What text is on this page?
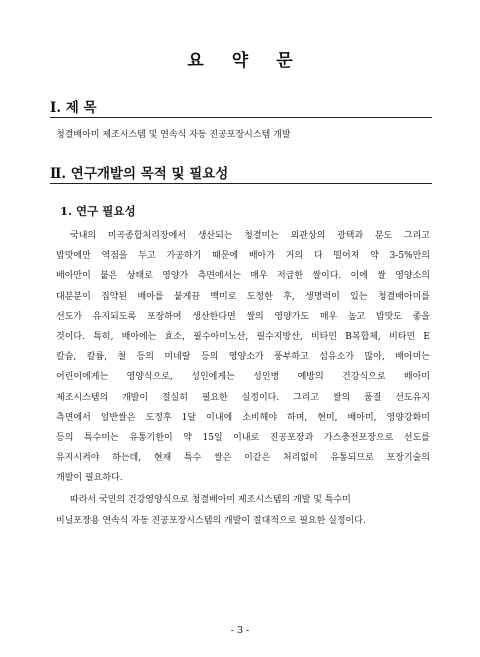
요 약 문
Ⅰ. 제 목
청결배아미 제조시스템 및 연속식 자동 진공포장시스템 개발
Ⅱ. 연구개발의 목적 및 필요성
1. 연구 필요성
국내의 미곡종합처리장에서 생산되는 청결미는 외관상의 광택과 분도 그리고
밥맛에만 역점을 두고 가공하기 때문에 배아가 거의 다 떨어져 약 3-5%만의
배아만이 붙은 상태로 영양가 측면에서는 매우 저급한 쌀이다. 이에 쌀 영양소의
대분분이 집약된 배아를 붙게끔 백미로 도정한 후, 생명력이 있는 청결배아미를
선도가 유지되도록 포장하여 생산한다면 쌀의 영양가도 매우 높고 밥맛도 좋을
것이다. 특히, 배아에는 효소, 필수아미노산, 필수지방산, 비타민 B복합체, 비타민 E
칼슘, 칼륨, 철 등의 미네랄 등의 영양소가 풍부하고 섬유소가 많아, 배아미는
어린이에게는 영양식으로, 성인에게는 성인병 예방의 건강식으로 배아미
제조시스템의 개발이 절실히 필요한 실정이다. 그리고 쌀의 품질 선도유지
측면에서 일반쌀은 도정후 1달 이내에 소비해야 하며, 현미, 배아미, 영양강화미
등의 특수미는 유통기한이 약 15일 이내로 진공포장과 가스충전포장으로 선도를
유지시켜야 하는데, 현재 특수 쌀은 이같은 처리없이 유통되므로 포장기술의
개발이 필요하다.
따라서 국민의 건강영양식으로 청결배아미 제조시스템의 개발 및 특수미
비닐포장용 연속식 자동 진공포장시스템의 개발이 절대적으로 필요한 실정이다.
- 3 -
